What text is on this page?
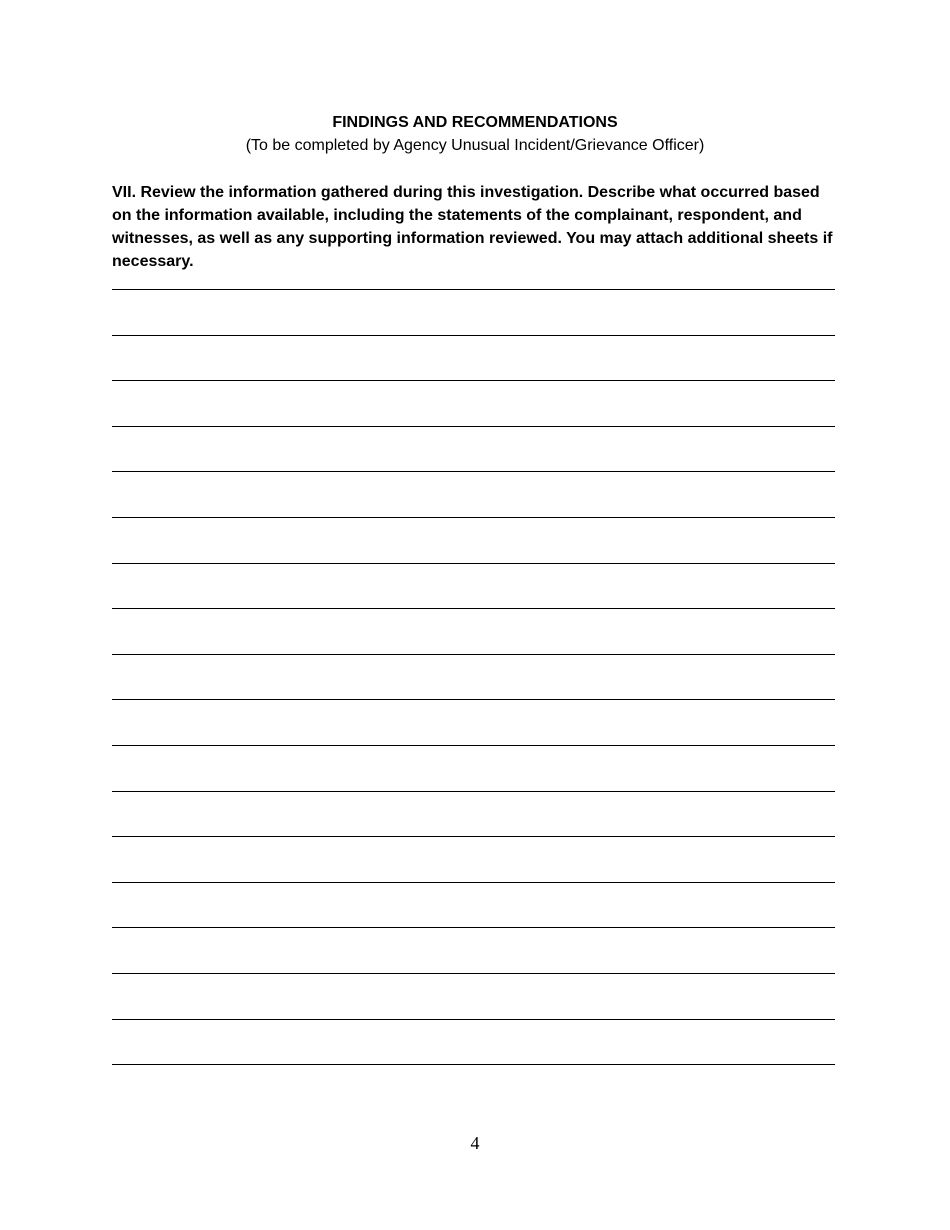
FINDINGS AND RECOMMENDATIONS
(To be completed by Agency Unusual Incident/Grievance Officer)

VII. Review the information gathered during this investigation. Describe what occurred based on the information available, including the statements of the complainant, respondent, and witnesses, as well as any supporting information reviewed. You may attach additional sheets if necessary.

4
